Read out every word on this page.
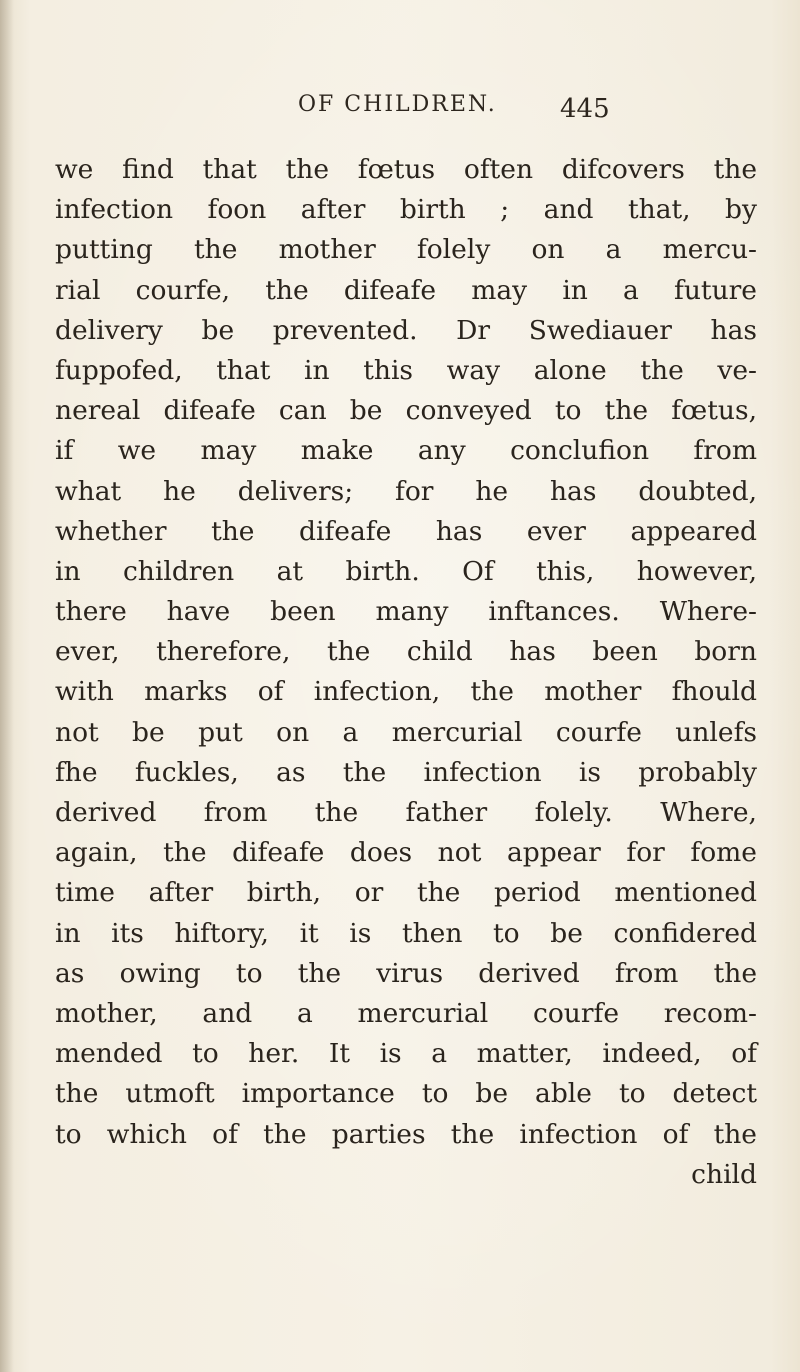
OF CHILDREN. 445
we find that the fœtus often difcovers the
infection foon after birth ; and that, by
putting the mother folely on a mercu-
rial courfe, the difeafe may in a future
delivery be prevented. Dr Swediauer has
fuppofed, that in this way alone the ve-
nereal difeafe can be conveyed to the fœtus,
if we may make any conclufion from
what he delivers; for he has doubted,
whether the difeafe has ever appeared
in children at birth. Of this, however,
there have been many inftances. Where-
ever, therefore, the child has been born
with marks of infection, the mother fhould
not be put on a mercurial courfe unlefs
fhe fuckles, as the infection is probably
derived from the father folely. Where,
again, the difeafe does not appear for fome
time after birth, or the period mentioned
in its hiftory, it is then to be confidered
as owing to the virus derived from the
mother, and a mercurial courfe recom-
mended to her. It is a matter, indeed, of
the utmoft importance to be able to detect
to which of the parties the infection of the
child
